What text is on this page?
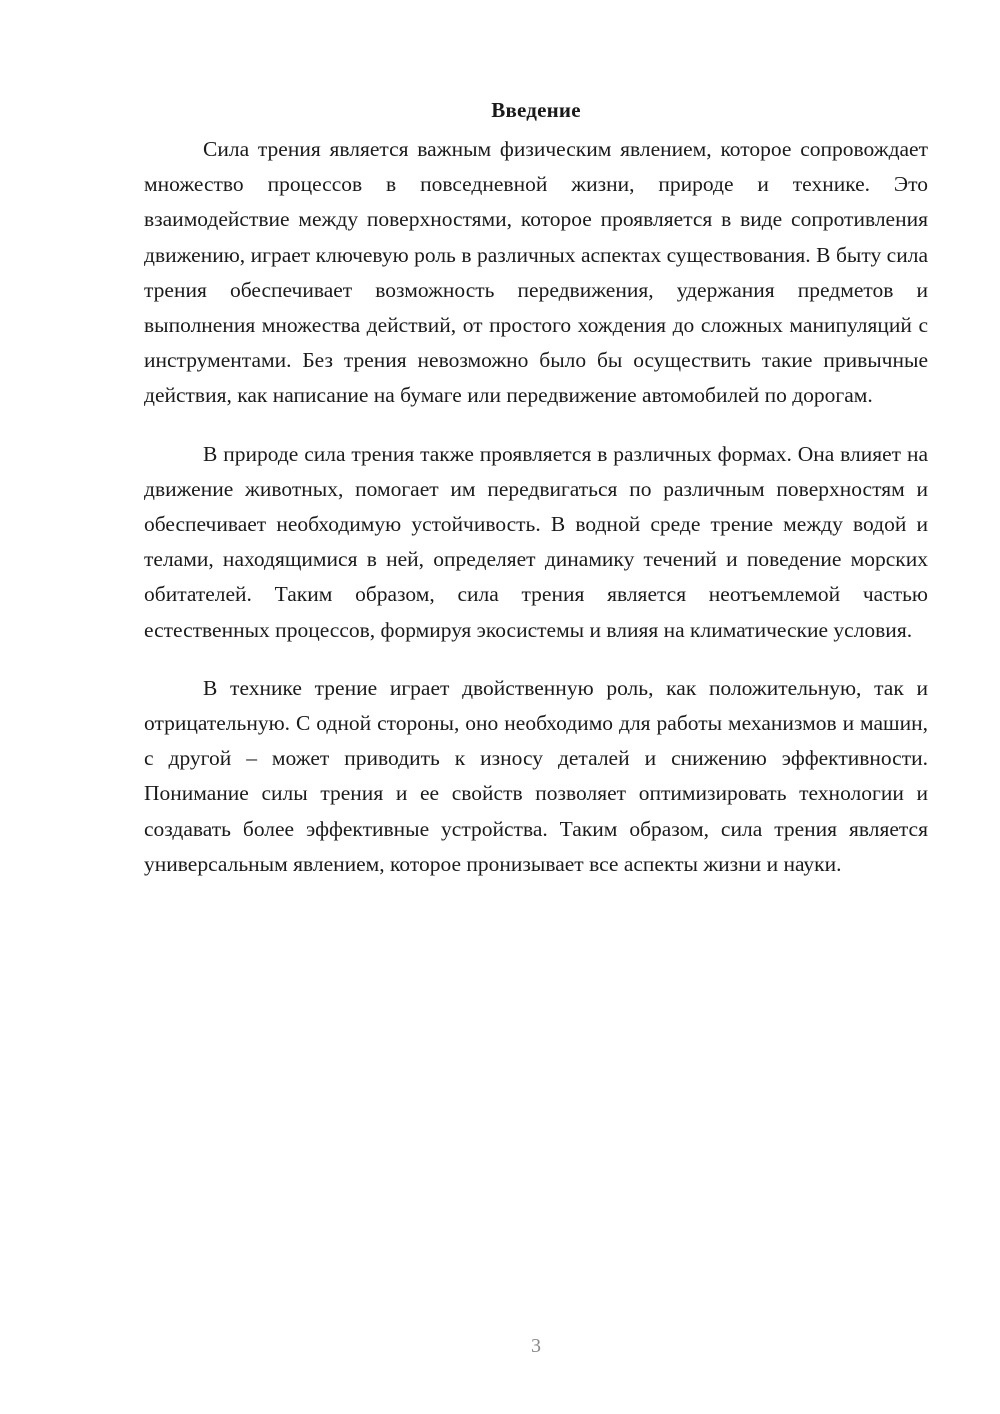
Введение

Сила трения является важным физическим явлением, которое сопровождает множество процессов в повседневной жизни, природе и технике. Это взаимодействие между поверхностями, которое проявляется в виде сопротивления движению, играет ключевую роль в различных аспектах существования. В быту сила трения обеспечивает возможность передвижения, удержания предметов и выполнения множества действий, от простого хождения до сложных манипуляций с инструментами. Без трения невозможно было бы осуществить такие привычные действия, как написание на бумаге или передвижение автомобилей по дорогам.

В природе сила трения также проявляется в различных формах. Она влияет на движение животных, помогает им передвигаться по различным поверхностям и обеспечивает необходимую устойчивость. В водной среде трение между водой и телами, находящимися в ней, определяет динамику течений и поведение морских обитателей. Таким образом, сила трения является неотъемлемой частью естественных процессов, формируя экосистемы и влияя на климатические условия.

В технике трение играет двойственную роль, как положительную, так и отрицательную. С одной стороны, оно необходимо для работы механизмов и машин, с другой – может приводить к износу деталей и снижению эффективности. Понимание силы трения и ее свойств позволяет оптимизировать технологии и создавать более эффективные устройства. Таким образом, сила трения является универсальным явлением, которое пронизывает все аспекты жизни и науки.

3
